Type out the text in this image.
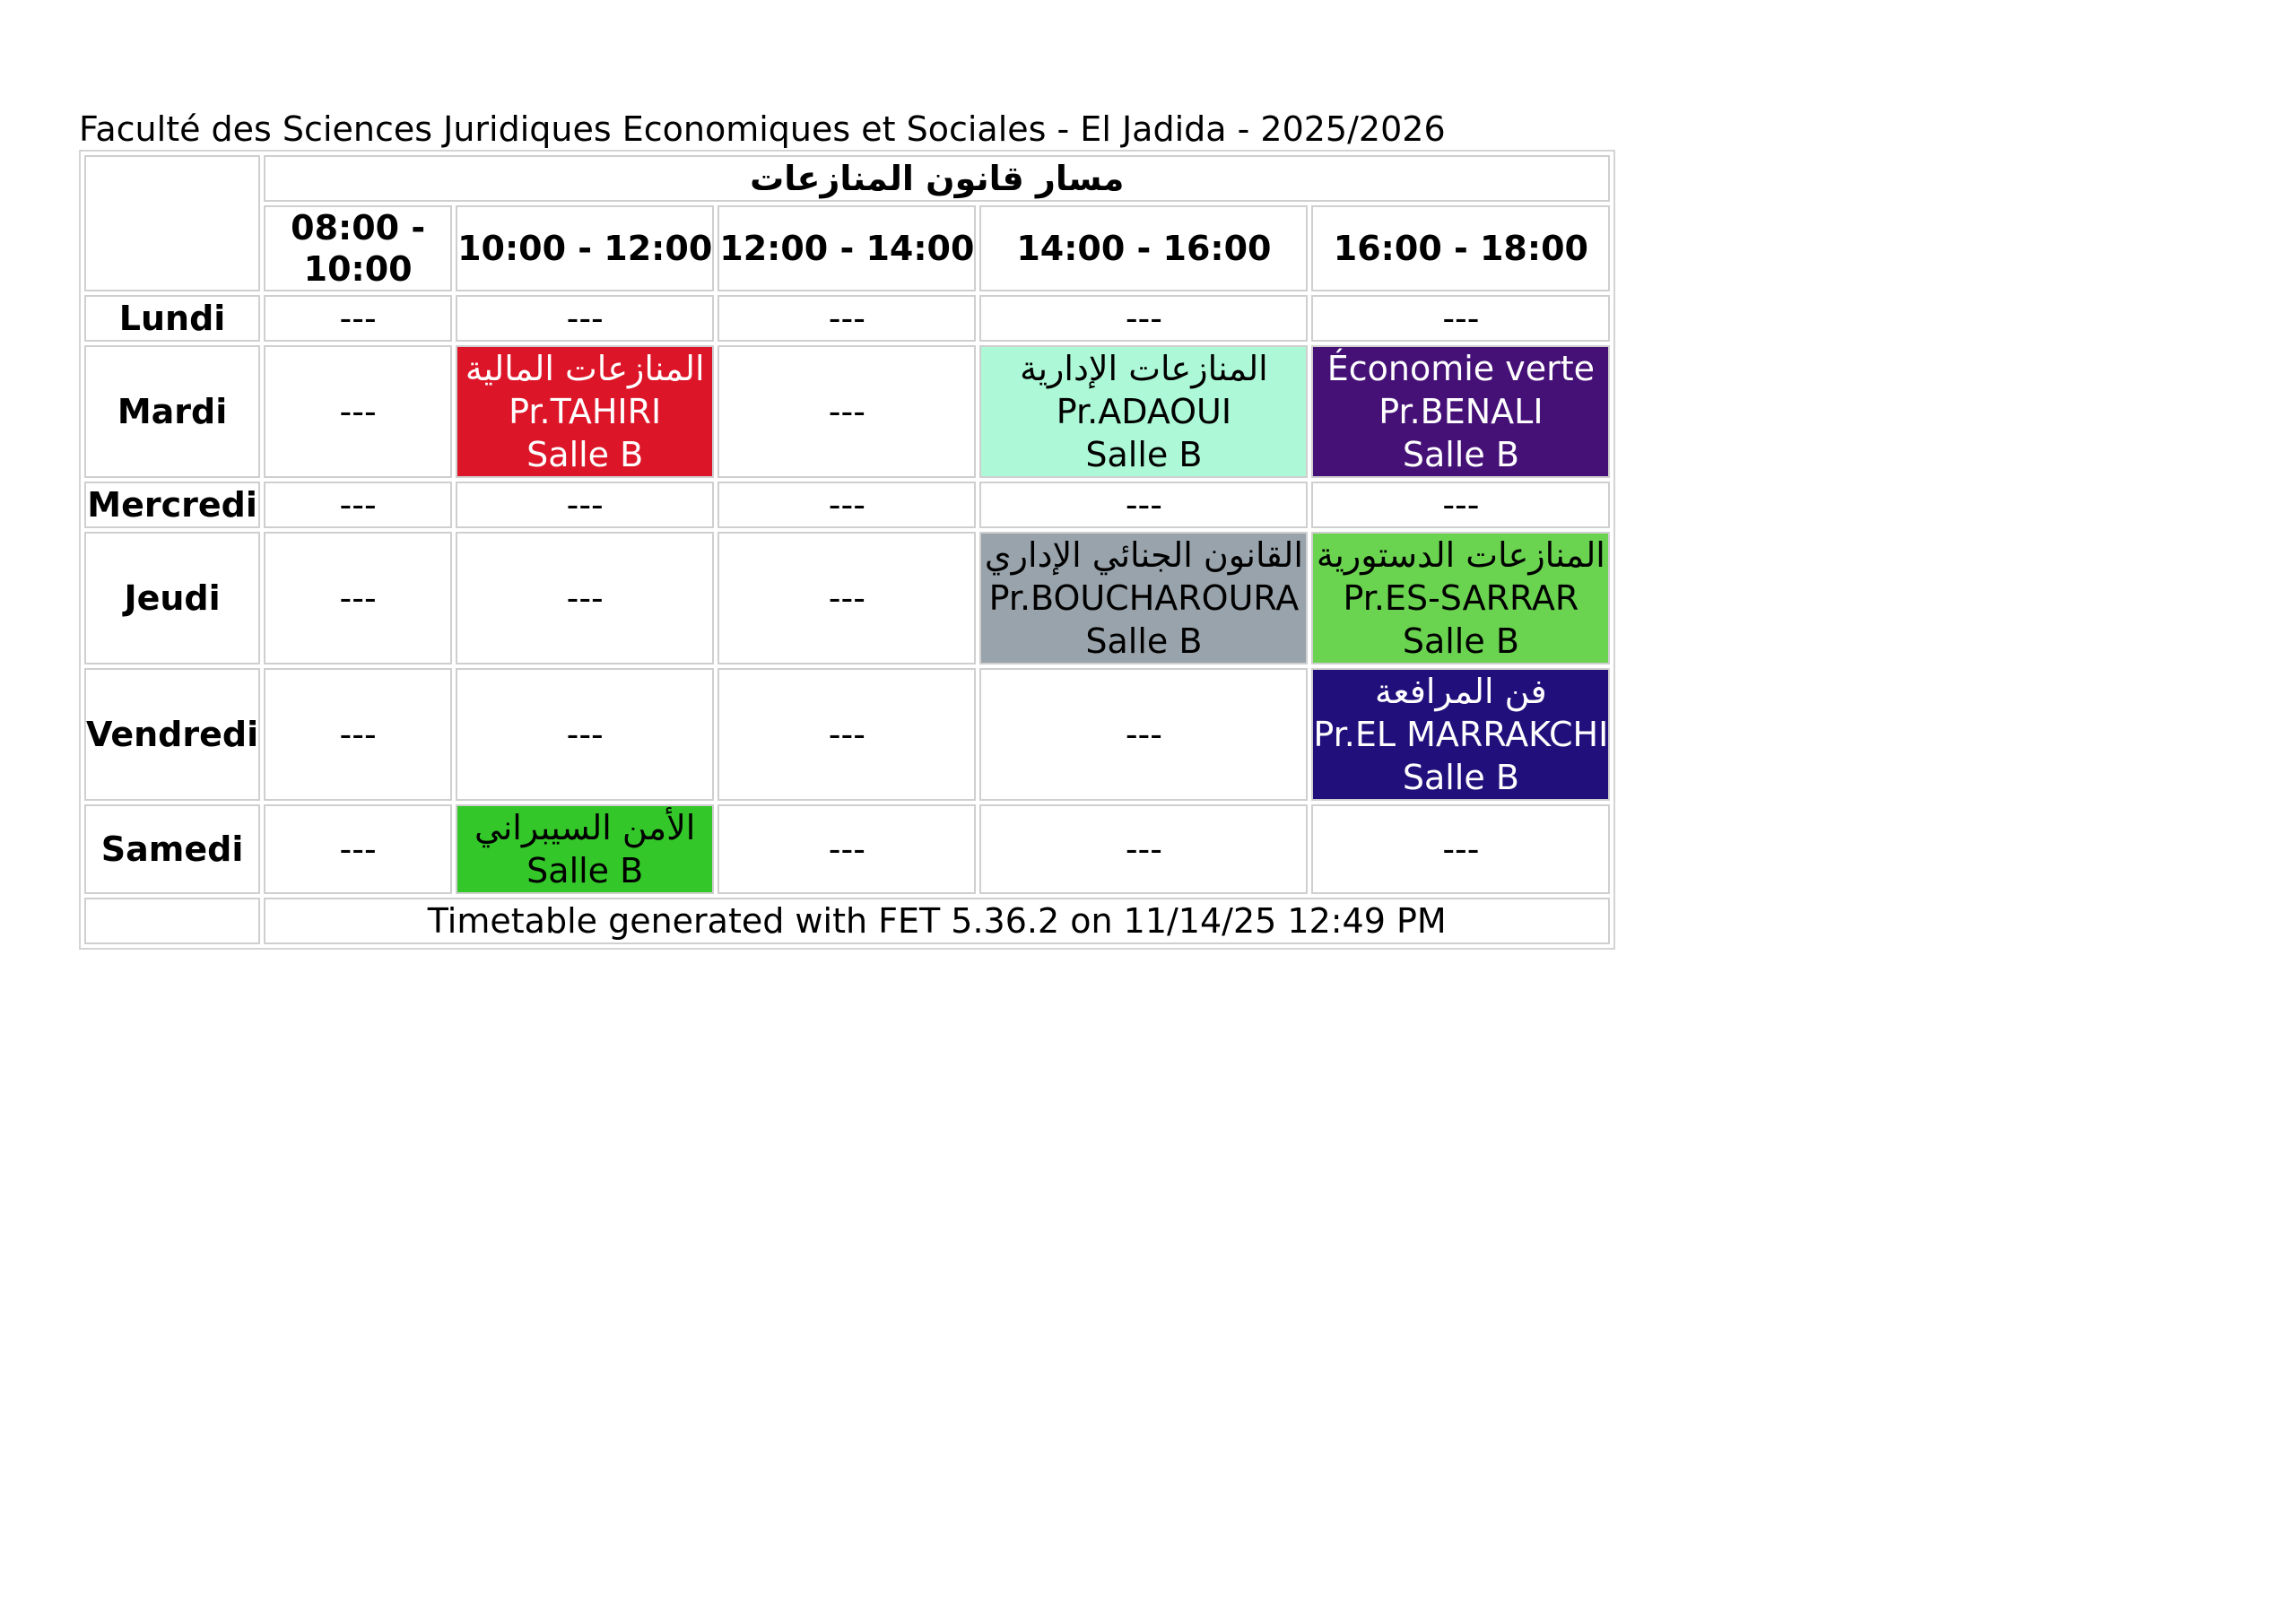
Faculté des Sciences Juridiques Economiques et Sociales - El Jadida - 2025/2026
	مسار قانون المنازعات				
	08:00 - 10:00	10:00 - 12:00	12:00 - 14:00	14:00 - 16:00	16:00 - 18:00
Lundi	---	---	---	---	---
Mardi	---	المنازعات المالية
Pr.TAHIRI
Salle B	---	المنازعات الإدارية
Pr.ADAOUI
Salle B	Économie verte
Pr.BENALI
Salle B

Mercredi	---	---	---	---	---
Jeudi	---	---	---	القانون الجنائي الإداري
Pr.BOUCHAROURA
Salle B	المنازعات الدستورية
Pr.ES-SARRAR
Salle B

Vendredi	---	---	---	---	فن المرافعة
Pr.EL MARRAKCHI
Salle B

Samedi	---	الأمن السيبراني
Salle B	---	---	---
	Timetable generated with FET 5.36.2 on 11/14/25 12:49 PM				
